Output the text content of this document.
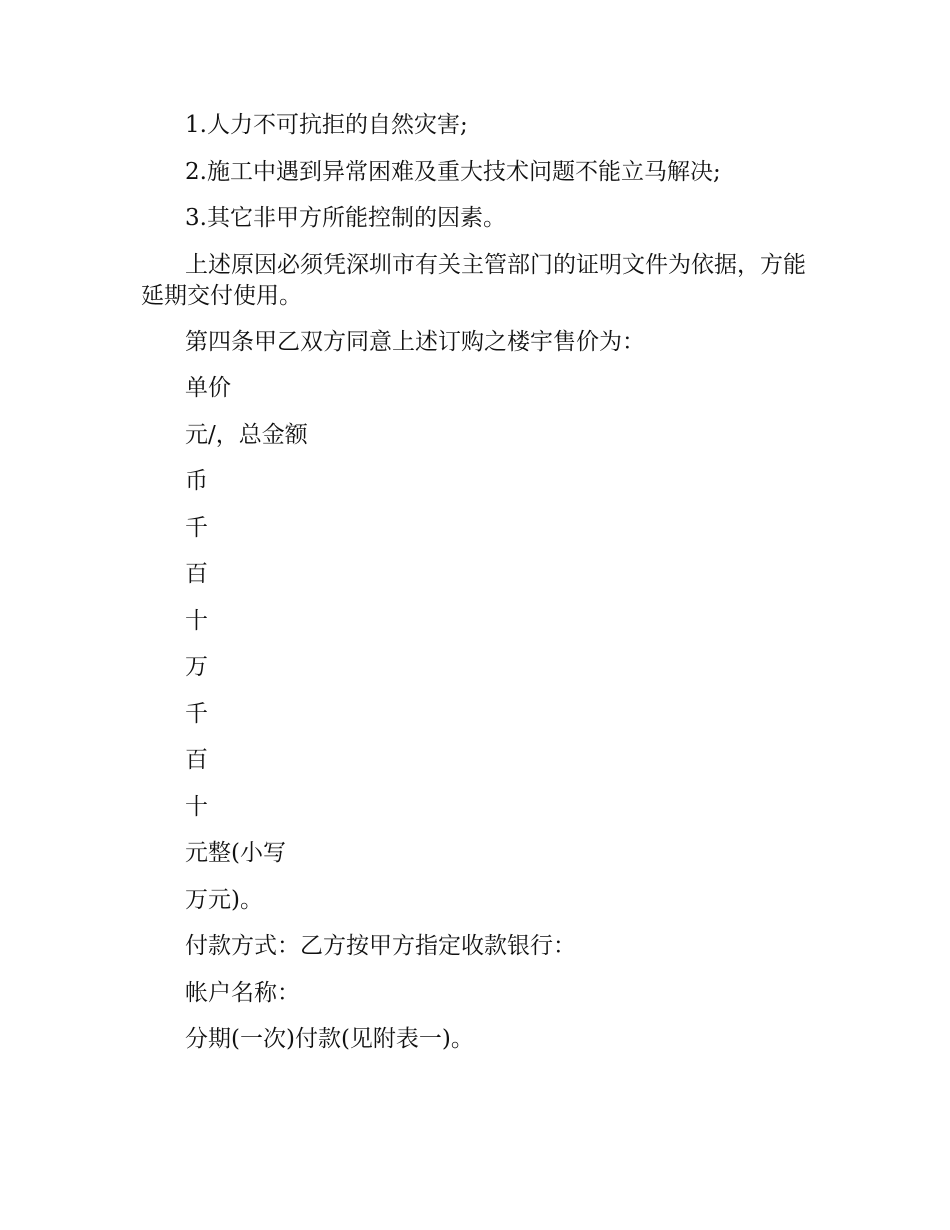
1.人力不可抗拒的自然灾害;

2.施工中遇到异常困难及重大技术问题不能立马解决;

3.其它非甲方所能控制的因素。

上述原因必须凭深圳市有关主管部门的证明文件为依据，方能延期交付使用。

第四条甲乙双方同意上述订购之楼宇售价为：

单价

元/，总金额

币

千

百

十

万

千

百

十

元整(小写

万元)。

付款方式：乙方按甲方指定收款银行：

帐户名称：

分期(一次)付款(见附表一)。
